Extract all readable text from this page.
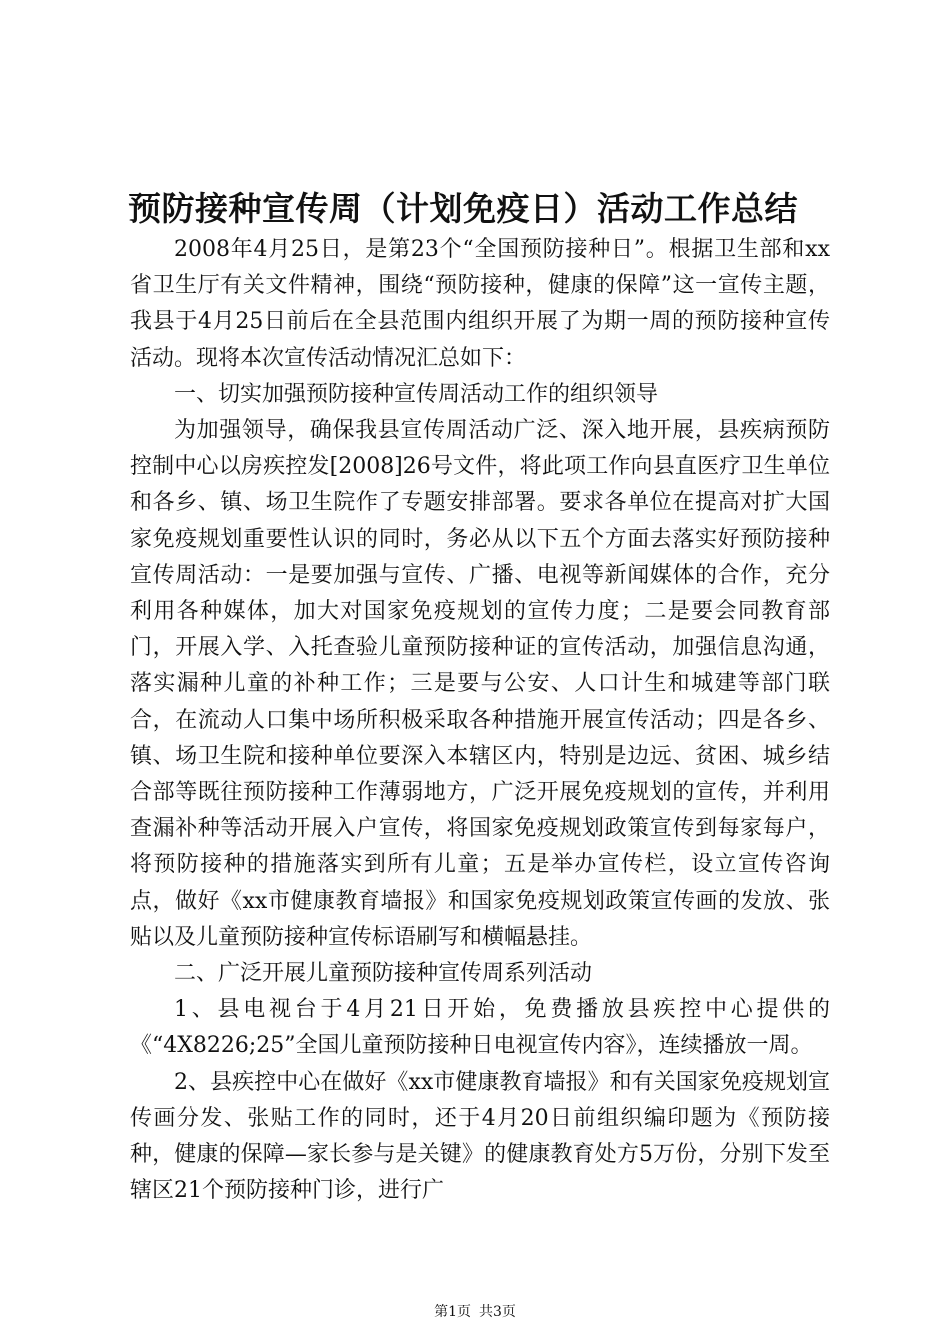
预防接种宣传周（计划免疫日）活动工作总结

2008年4月25日，是第23个“全国预防接种日”。根据卫生部和xx省卫生厅有关文件精神，围绕“预防接种，健康的保障”这一宣传主题，我县于4月25日前后在全县范围内组织开展了为期一周的预防接种宣传活动。现将本次宣传活动情况汇总如下：

一、切实加强预防接种宣传周活动工作的组织领导

为加强领导，确保我县宣传周活动广泛、深入地开展，县疾病预防控制中心以房疾控发[2008]26号文件，将此项工作向县直医疗卫生单位和各乡、镇、场卫生院作了专题安排部署。要求各单位在提高对扩大国家免疫规划重要性认识的同时，务必从以下五个方面去落实好预防接种宣传周活动：一是要加强与宣传、广播、电视等新闻媒体的合作，充分利用各种媒体，加大对国家免疫规划的宣传力度；二是要会同教育部门，开展入学、入托查验儿童预防接种证的宣传活动，加强信息沟通，落实漏种儿童的补种工作；三是要与公安、人口计生和城建等部门联合，在流动人口集中场所积极采取各种措施开展宣传活动；四是各乡、镇、场卫生院和接种单位要深入本辖区内，特别是边远、贫困、城乡结合部等既往预防接种工作薄弱地方，广泛开展免疫规划的宣传，并利用查漏补种等活动开展入户宣传，将国家免疫规划政策宣传到每家每户，将预防接种的措施落实到所有儿童；五是举办宣传栏，设立宣传咨询点，做好《xx市健康教育墙报》和国家免疫规划政策宣传画的发放、张贴以及儿童预防接种宣传标语刷写和横幅悬挂。

二、广泛开展儿童预防接种宣传周系列活动

1、县电视台于4月21日开始，免费播放县疾控中心提供的《“4X8226;25”全国儿童预防接种日电视宣传内容》，连续播放一周。

2、县疾控中心在做好《xx市健康教育墙报》和有关国家免疫规划宣传画分发、张贴工作的同时，还于4月20日前组织编印题为《预防接种，健康的保障—家长参与是关键》的健康教育处方5万份，分别下发至辖区21个预防接种门诊，进行广

第1页 共3页
